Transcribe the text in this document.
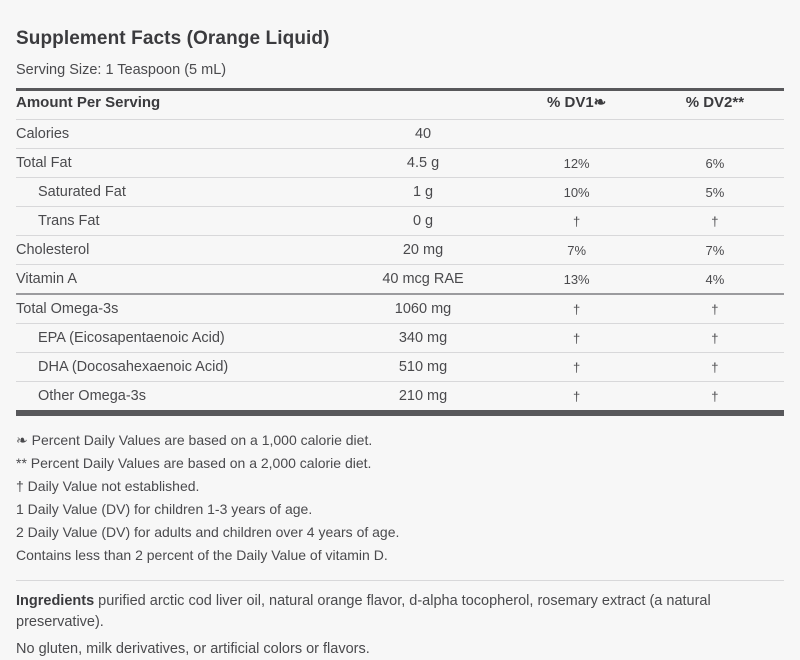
Supplement Facts (Orange Liquid)
Serving Size: 1 Teaspoon (5 mL)
Amount Per Serving		% DV1❧	% DV2**
Calories	40		
Total Fat	4.5 g	12%	6%
Saturated Fat	1 g	10%	5%
Trans Fat	0 g	†	†
Cholesterol	20 mg	7%	7%
Vitamin A	40 mcg RAE	13%	4%
Total Omega-3s	1060 mg	†	†
EPA (Eicosapentaenoic Acid)	340 mg	†	†
DHA (Docosahexaenoic Acid)	510 mg	†	†
Other Omega-3s	210 mg	†	†
❧ Percent Daily Values are based on a 1,000 calorie diet.
** Percent Daily Values are based on a 2,000 calorie diet.
† Daily Value not established.
1 Daily Value (DV) for children 1-3 years of age.
2 Daily Value (DV) for adults and children over 4 years of age.
Contains less than 2 percent of the Daily Value of vitamin D.
Ingredients purified arctic cod liver oil, natural orange flavor, d-alpha tocopherol, rosemary extract (a natural preservative).
No gluten, milk derivatives, or artificial colors or flavors.
